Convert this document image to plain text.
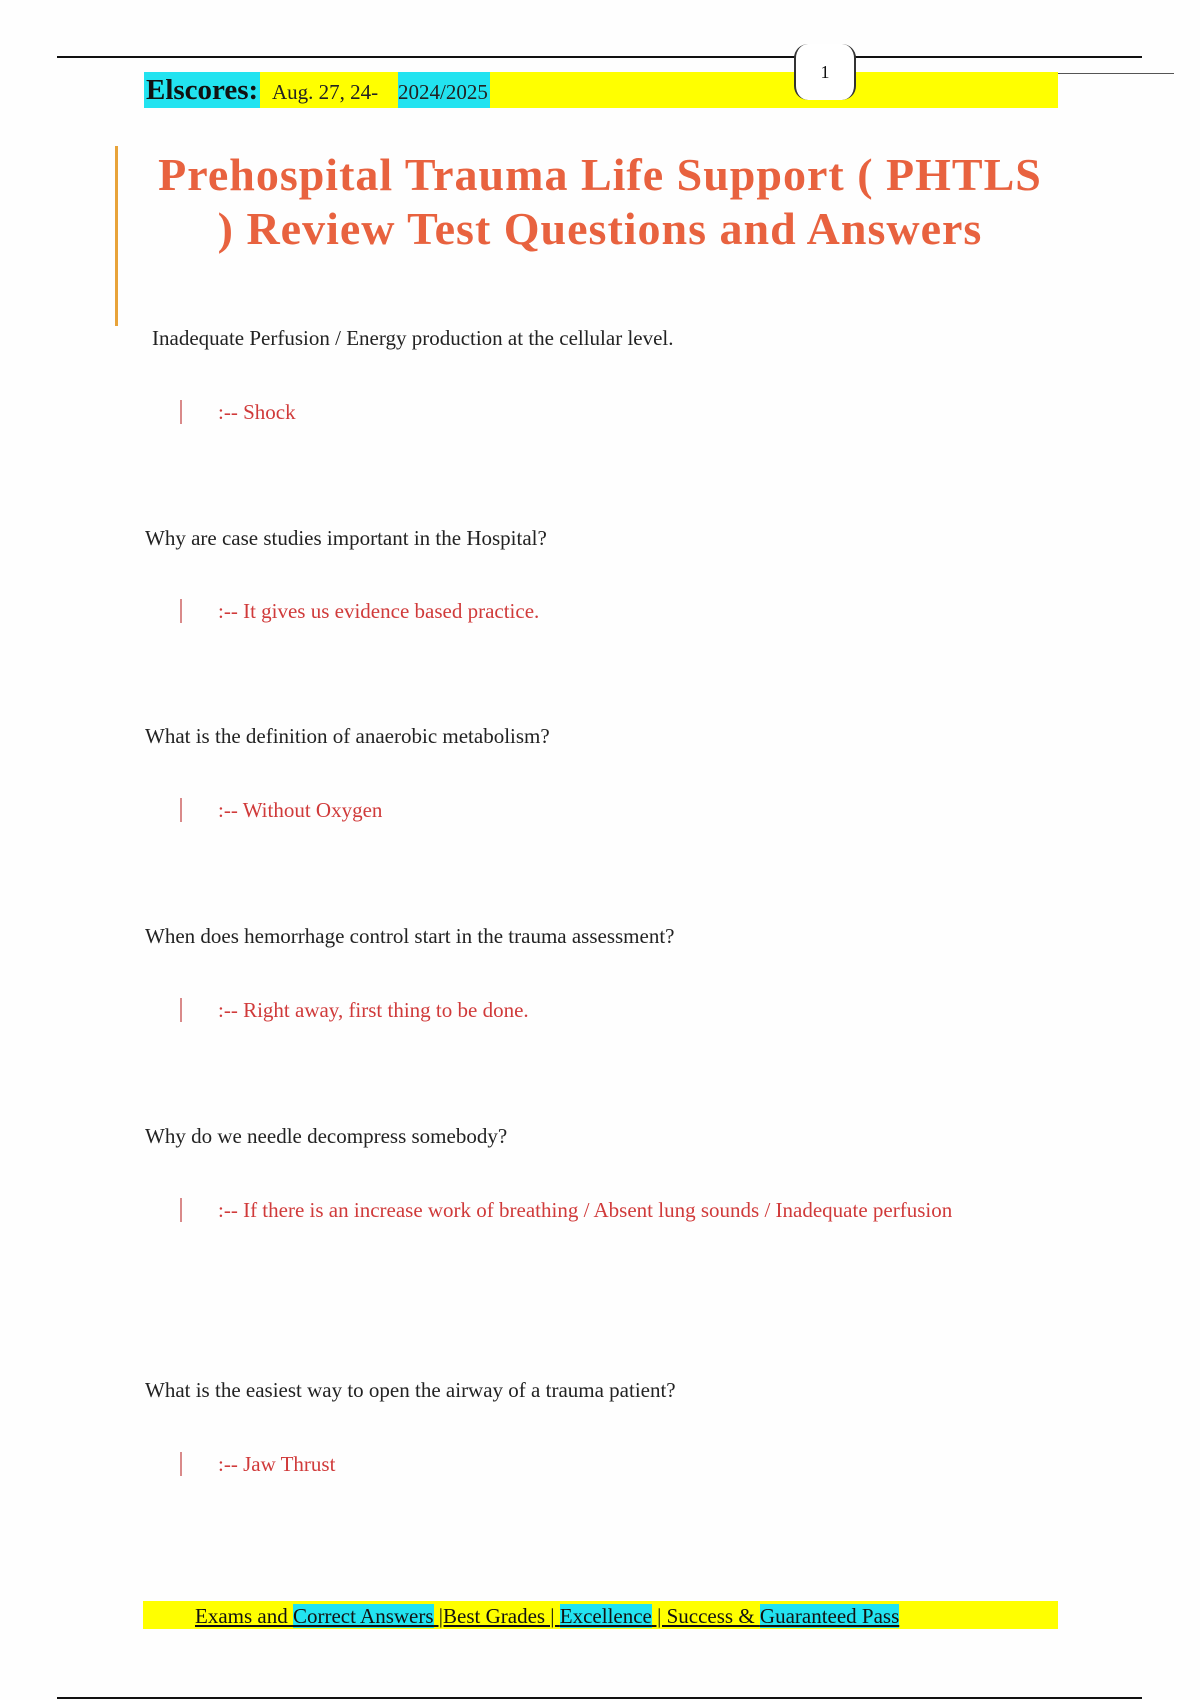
Elscores: Aug. 27, 24- 2024/2025
1
Prehospital Trauma Life Support ( PHTLS ) Review Test Questions and Answers
Inadequate Perfusion / Energy production at the cellular level.
:-- Shock
Why are case studies important in the Hospital?
:-- It gives us evidence based practice.
What is the definition of anaerobic metabolism?
:-- Without Oxygen
When does hemorrhage control start in the trauma assessment?
:-- Right away, first thing to be done.
Why do we needle decompress somebody?
:-- If there is an increase work of breathing / Absent lung sounds / Inadequate perfusion
What is the easiest way to open the airway of a trauma patient?
:-- Jaw Thrust
Exams and Correct Answers |Best Grades | Excellence | Success & Guaranteed Pass
